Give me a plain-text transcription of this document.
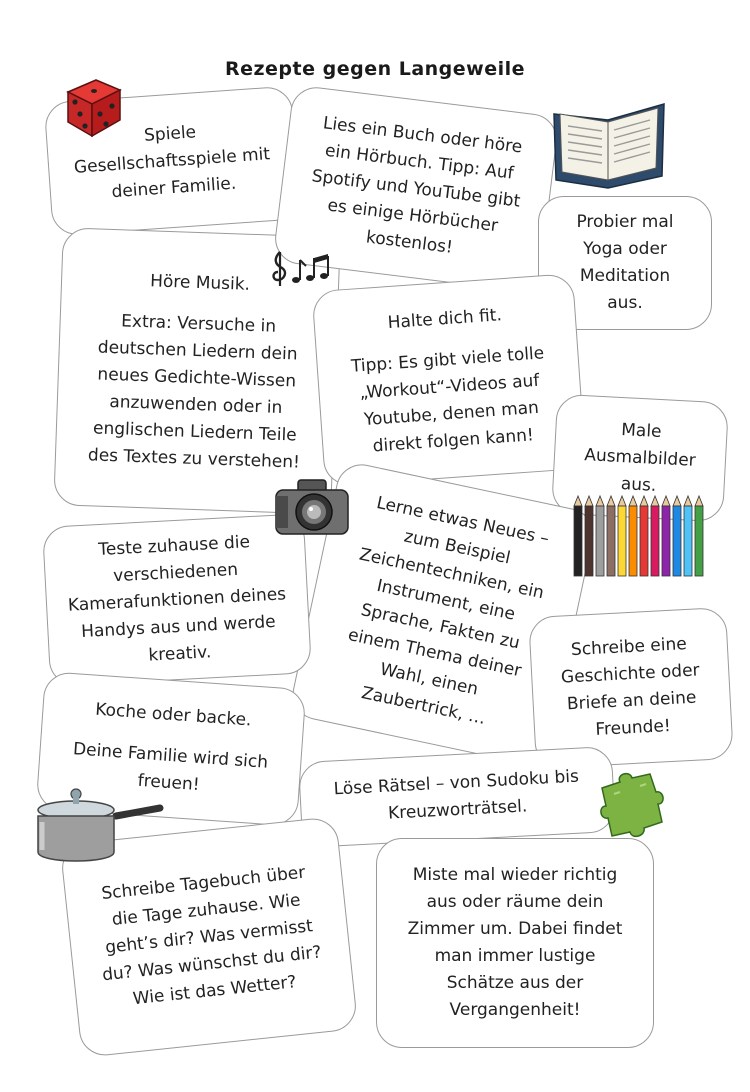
Rezepte gegen Langeweile

Spiele Gesellschaftsspiele mit deiner Familie.

Höre Musik.

Extra: Versuche in deutschen Liedern dein neues Gedichte-Wissen anzuwenden oder in englischen Liedern Teile des Textes zu verstehen!

Lies ein Buch oder höre ein Hörbuch. Tipp: Auf Spotify und YouTube gibt es einige Hörbücher kostenlos!

Probier mal Yoga oder Meditation aus.

Halte dich fit.

Tipp: Es gibt viele tolle „Workout“-Videos auf Youtube, denen man direkt folgen kann!	Male Ausmalbilder aus.

Lerne etwas Neues – zum Beispiel Zeichentechniken, ein Instrument, eine Sprache, Fakten zu einem Thema deiner Wahl, einen Zaubertrick, …

Teste zuhause die verschiedenen Kamerafunktionen deines Handys aus und werde kreativ.	Schreibe eine Geschichte oder Briefe an deine Freunde!

Koche oder backe.

Deine Familie wird sich freuen!	Löse Rätsel – von Sudoku bis Kreuzworträtsel.

Schreibe Tagebuch über die Tage zuhause. Wie geht’s dir? Was vermisst du? Was wünschst du dir? Wie ist das Wetter?

Miste mal wieder richtig aus oder räume dein Zimmer um. Dabei findet man immer lustige Schätze aus der Vergangenheit!
